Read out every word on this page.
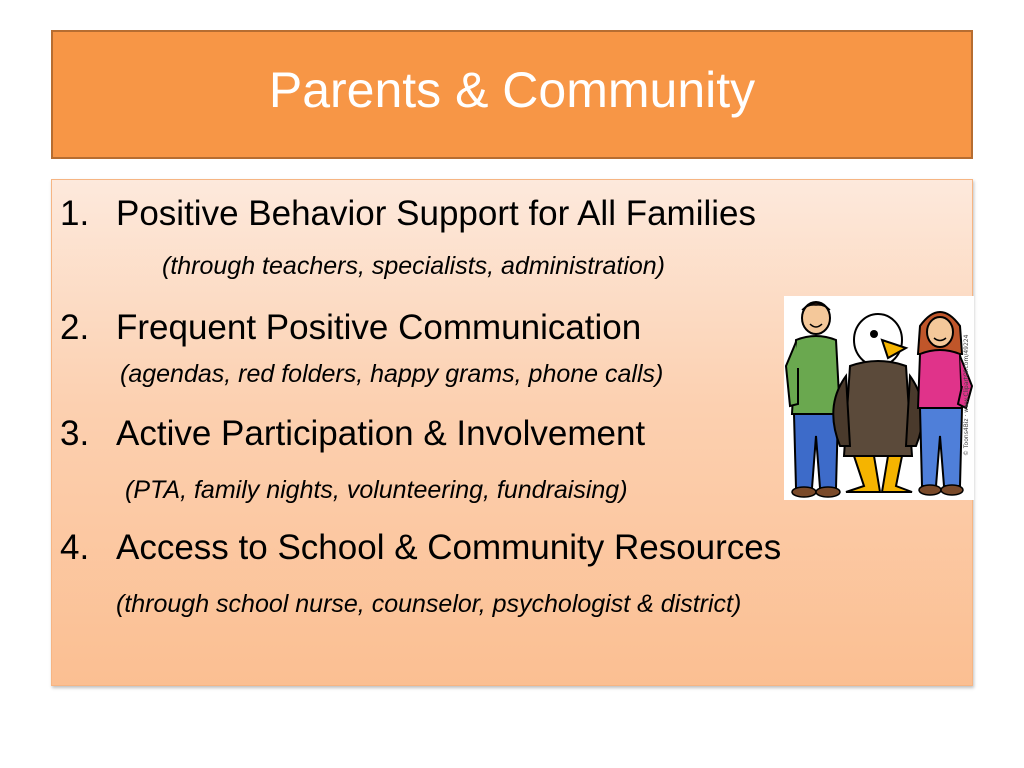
Parents & Community
1. Positive Behavior Support for All Families
(through teachers, specialists, administration)
2. Frequent Positive Communication
(agendas, red folders, happy grams, phone calls)
3. Active Participation & Involvement
(PTA, family nights, volunteering, fundraising)
4. Access to School & Community Resources
(through school nurse, counselor, psychologist & district)
© Toons4Biz · www.ClipartOf.com/49224
